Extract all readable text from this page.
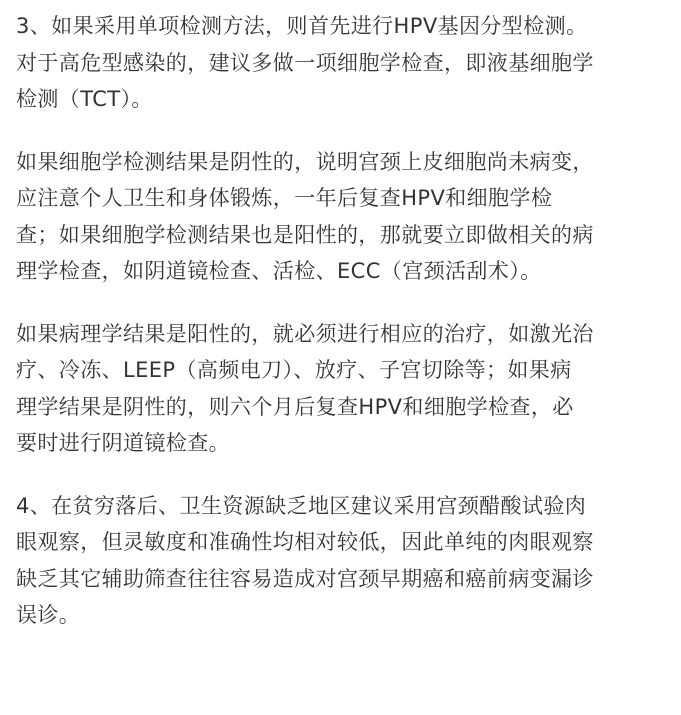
3、如果采用单项检测方法，则首先进行HPV基因分型检测。
对于高危型感染的，建议多做一项细胞学检查，即液基细胞学
检测（TCT）。
如果细胞学检测结果是阴性的，说明宫颈上皮细胞尚未病变，
应注意个人卫生和身体锻炼，一年后复查HPV和细胞学检
查；如果细胞学检测结果也是阳性的，那就要立即做相关的病
理学检查，如阴道镜检查、活检、ECC（宫颈活刮术）。
如果病理学结果是阳性的，就必须进行相应的治疗，如激光治
疗、冷冻、LEEP（高频电刀）、放疗、子宫切除等；如果病
理学结果是阴性的，则六个月后复查HPV和细胞学检查，必
要时进行阴道镜检查。
4、在贫穷落后、卫生资源缺乏地区建议采用宫颈醋酸试验肉
眼观察，但灵敏度和准确性均相对较低，因此单纯的肉眼观察
缺乏其它辅助筛查往往容易造成对宫颈早期癌和癌前病变漏诊
误诊。
